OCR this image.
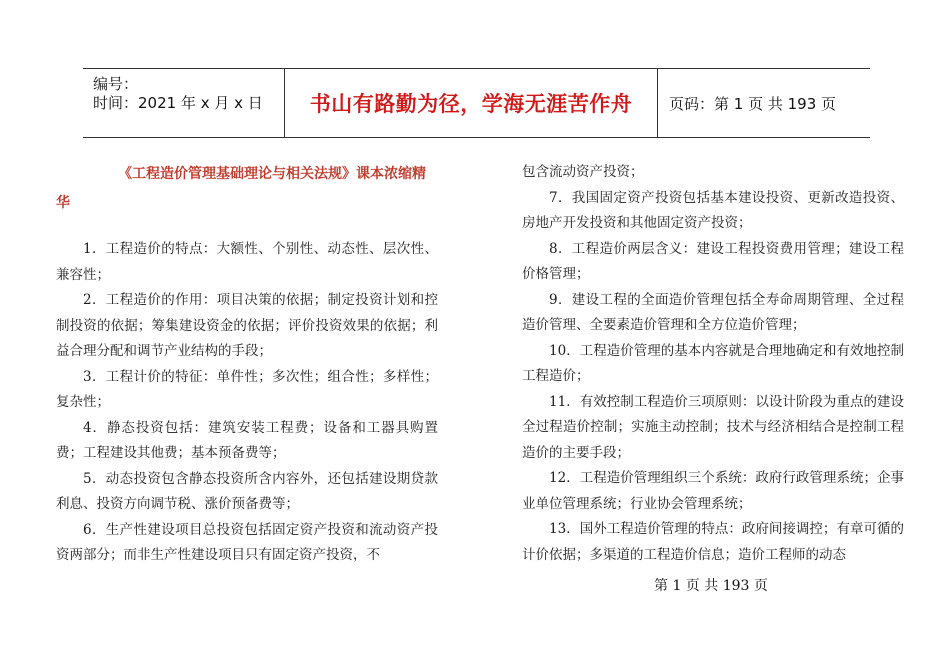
编号：
时间：2021 年 x 月 x 日 书山有路勤为径，学海无涯苦作舟	页码：第 1 页 共 193 页
《工程造价管理基础理论与相关法规》课本浓缩精
华

1．工程造价的特点：大额性、个别性、动态性、层次性、兼容性；

2．工程造价的作用：项目决策的依据；制定投资计划和控制投资的依据；筹集建设资金的依据；评价投资效果的依据；利益合理分配和调节产业结构的手段；

3．工程计价的特征：单件性；多次性；组合性；多样性；复杂性；

4．静态投资包括：建筑安装工程费；设备和工器具购置费；工程建设其他费；基本预备费等；

5．动态投资包含静态投资所含内容外，还包括建设期贷款利息、投资方向调节税、涨价预备费等；

6．生产性建设项目总投资包括固定资产投资和流动资产投资两部分；而非生产性建设项目只有固定资产投资，不

包含流动资产投资；

7．我国固定资产投资包括基本建设投资、更新改造投资、房地产开发投资和其他固定资产投资；

8．工程造价两层含义：建设工程投资费用管理；建设工程价格管理；

9．建设工程的全面造价管理包括全寿命周期管理、全过程造价管理、全要素造价管理和全方位造价管理；

10．工程造价管理的基本内容就是合理地确定和有效地控制工程造价；

11．有效控制工程造价三项原则：以设计阶段为重点的建设全过程造价控制；实施主动控制；技术与经济相结合是控制工程造价的主要手段；

12．工程造价管理组织三个系统：政府行政管理系统；企事业单位管理系统；行业协会管理系统；

13．国外工程造价管理的特点：政府间接调控；有章可循的计价依据；多渠道的工程造价信息；造价工程师的动态

第 1 页 共 193 页
